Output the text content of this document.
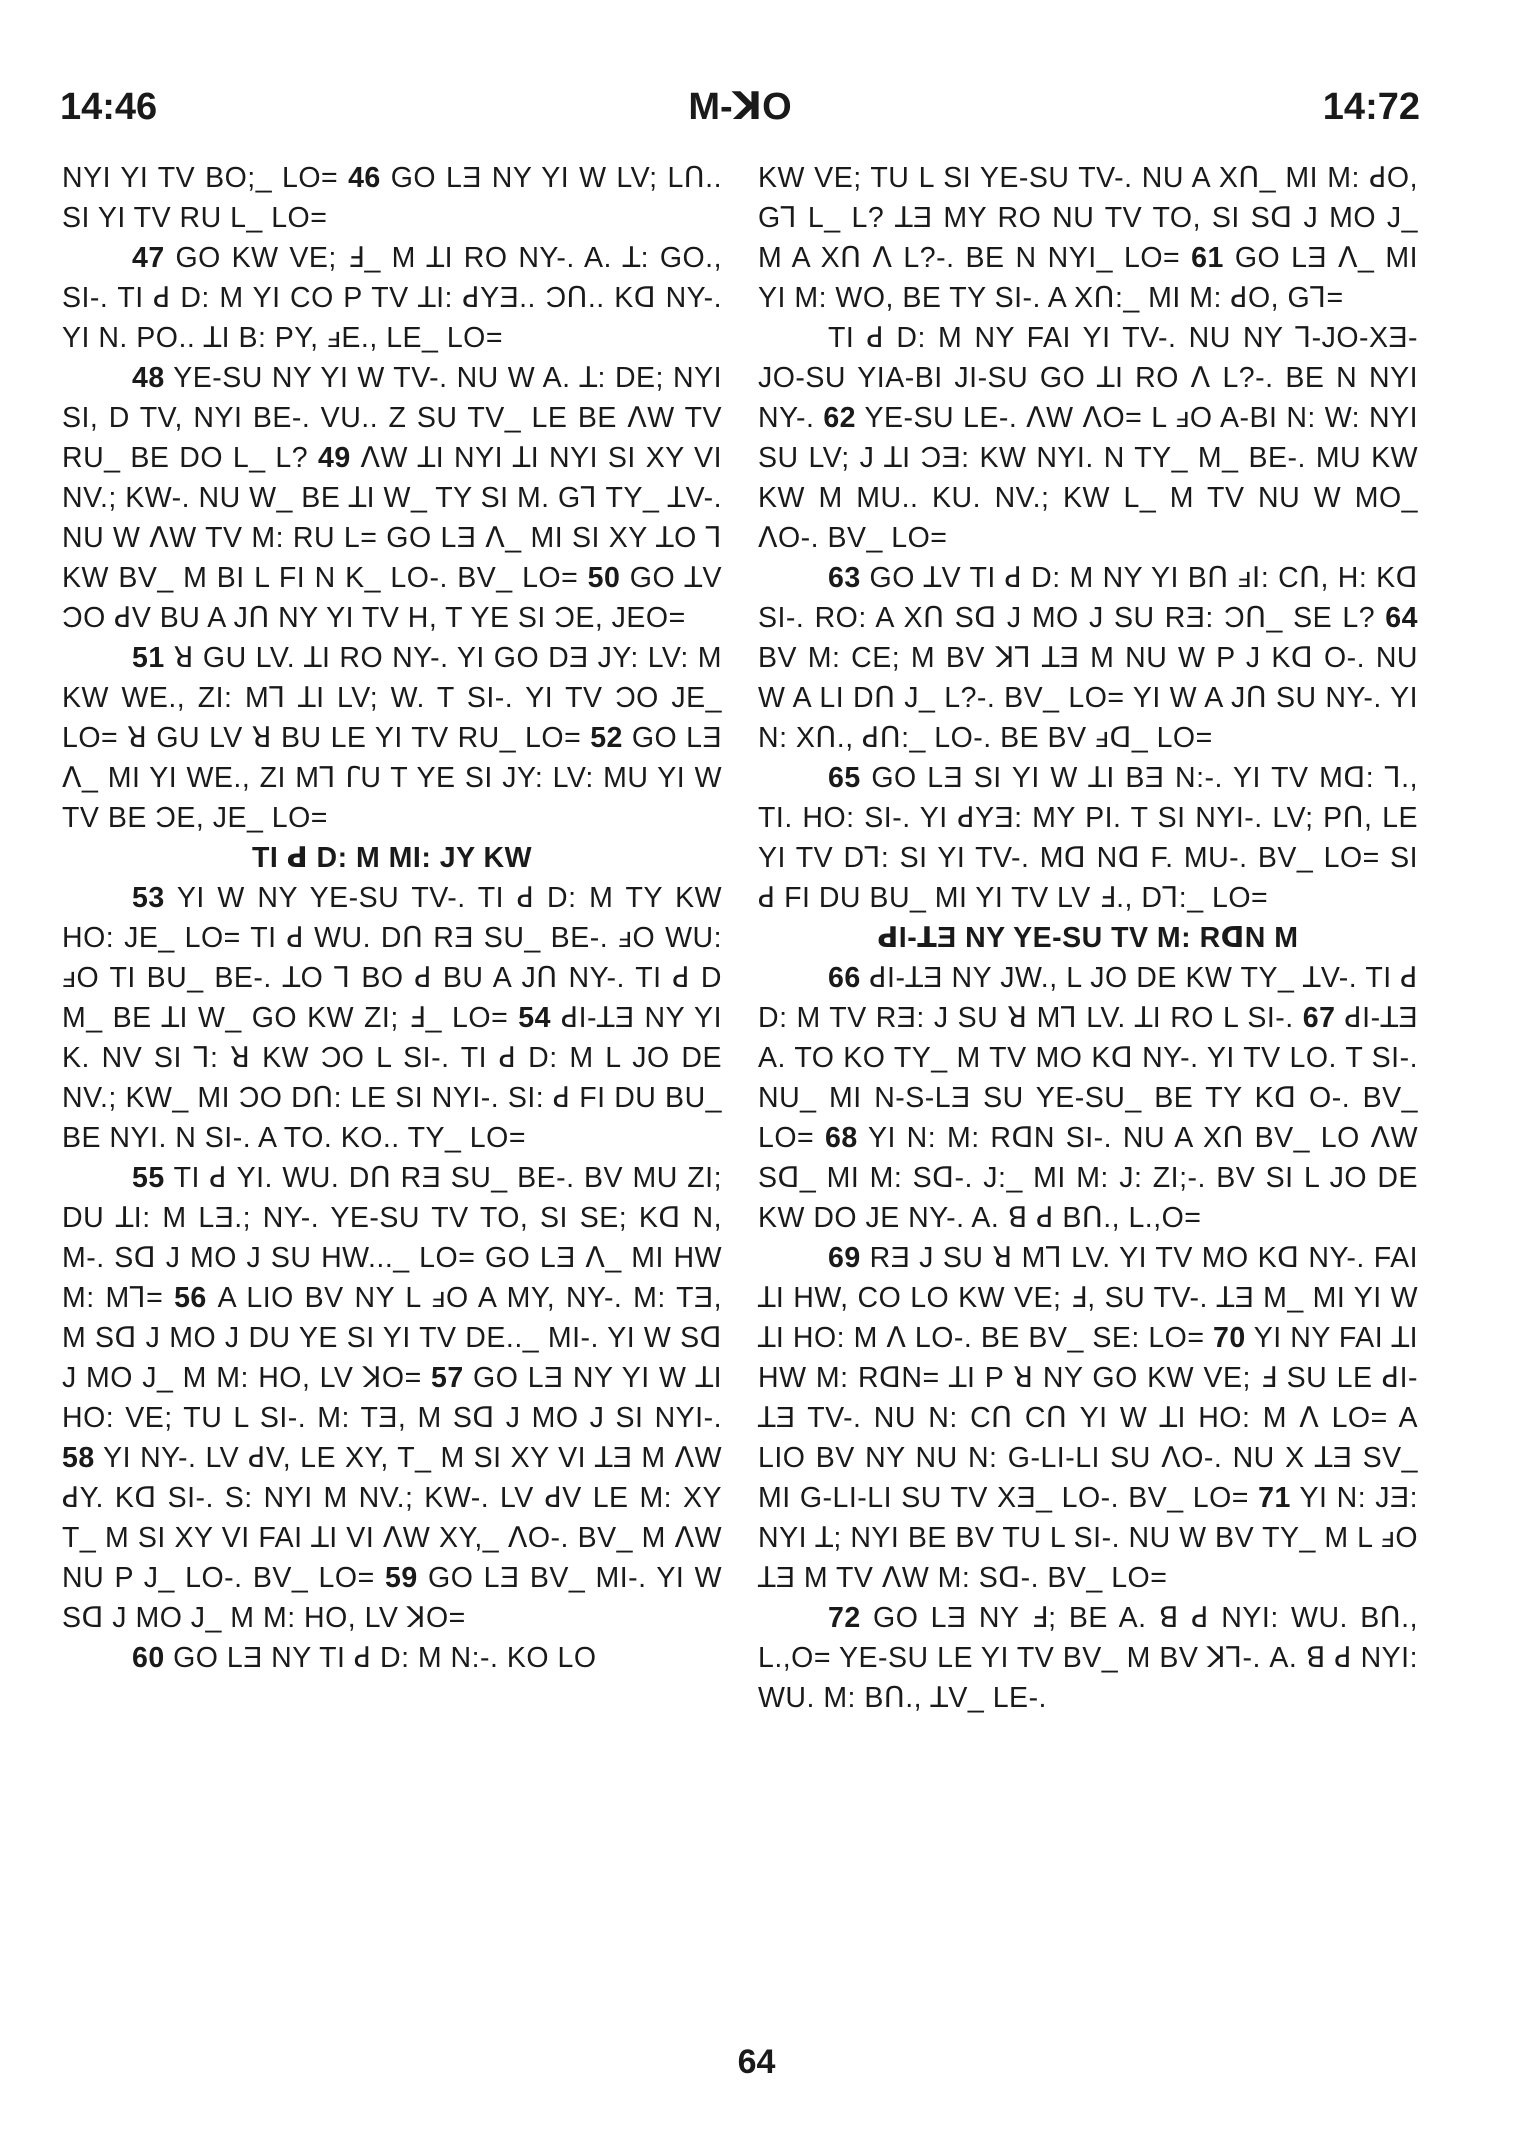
14:46	M-ꓘO	14:72

NYI YI TV BO;_ LO= 46 GO LƎ NY YI W LV; LՈ.. SI YI TV RU L_ LO=

47 GO KW VE; Ⅎ_ M ꓕI RO NY-. A. ꓕ: GO., SI-. TI ꓒ D: M YI CO P TV ꓕI: ꓒYƎ.. ƆՈ.. Kꓷ NY-. YI N. PO.. ꓕI B: PY, ⅎE., LE_ LO=

48 YE-SU NY YI W TV-. NU W A. ꓕ: DE; NYI SI, D TV, NYI BE-. VU.. Z SU TV_ LE BE ꓥW TV RU_ BE DO L_ L? 49 ꓥW ꓕI NYI ꓕI NYI SI XY VI NV.; KW-. NU W_ BE ꓕI W_ TY SI M. Gꓶ TY_ ꓕV-. NU W ꓥW TV M: RU L= GO LƎ ꓥ_ MI SI XY ꓕO ꓶ KW BV_ M BI L FI N K_ LO-. BV_ LO= 50 GO ꓕV ƆO ꓒV BU A JՈ NY YI TV H, T YE SI ƆE, JEO=

51 ꓤ GU LV. ꓕI RO NY-. YI GO DƎ JY: LV: M KW WE., ZI: Mꓶ ꓕI LV; W. T SI-. YI TV ƆO JE_ LO= ꓤ GU LV ꓤ BU LE YI TV RU_ LO= 52 GO LƎ ꓥ_ MI YI WE., ZI Mꓶ ꓩU T YE SI JY: LV: MU YI W TV BE ƆE, JE_ LO=

TI ꓒ D: M MI: JY KW

53 YI W NY YE-SU TV-. TI ꓒ D: M TY KW HO: JE_ LO= TI ꓒ WU. DՈ RƎ SU_ BE-. ⅎO WU: ⅎO TI BU_ BE-. ꓕO ꓶ BO ꓒ BU A JՈ NY-. TI ꓒ D M_ BE ꓕI W_ GO KW ZI; Ⅎ_ LO= 54 ꓒI-ꓕƎ NY YI K. NV SI ꓶ: ꓤ KW ƆO L SI-. TI ꓒ D: M L JO DE NV.; KW_ MI ƆO DՈ: LE SI NYI-. SI: ꓒ FI DU BU_ BE NYI. N SI-. A TO. KO.. TY_ LO=

55 TI ꓒ YI. WU. DՈ RƎ SU_ BE-. BV MU ZI; DU ꓕI: M LƎ.; NY-. YE-SU TV TO, SI SE; Kꓷ N, M-. Sꓷ J MO J SU HW..._ LO= GO LƎ ꓥ_ MI HW M: Mꓶ= 56 A LIO BV NY L ⅎO A MY, NY-. M: TƎ, M Sꓷ J MO J DU YE SI YI TV DE.._ MI-. YI W Sꓷ J MO J_ M M: HO, LV ꓘO= 57 GO LƎ NY YI W ꓕI HO: VE; TU L SI-. M: TƎ, M Sꓷ J MO J SI NYI-. 58 YI NY-. LV ꓒV, LE XY, T_ M SI XY VI ꓕƎ M ꓥW ꓒY. Kꓷ SI-. S: NYI M NV.; KW-. LV ꓒV LE M: XY T_ M SI XY VI FAI ꓕI VI ꓥW XY,_ ꓥO-. BV_ M ꓥW NU P J_ LO-. BV_ LO= 59 GO LƎ BV_ MI-. YI W Sꓷ J MO J_ M M: HO, LV ꓘO=

60 GO LƎ NY TI ꓒ D: M N:-. KO LO

KW VE; TU L SI YE-SU TV-. NU A XՈ_ MI M: ꓒO, Gꓶ L_ L? ꓕƎ MY RO NU TV TO, SI Sꓷ J MO J_ M A XՈ ꓥ L?-. BE N NYI_ LO= 61 GO LƎ ꓥ_ MI YI M: WO, BE TY SI-. A XՈ:_ MI M: ꓒO, Gꓶ=

TI ꓒ D: M NY FAI YI TV-. NU NY ꓶ-JO-XƎ-JO-SU YIA-BI JI-SU GO ꓕI RO ꓥ L?-. BE N NYI NY-. 62 YE-SU LE-. ꓥW ꓥO= L ⅎO A-BI N: W: NYI SU LV; J ꓕI ƆƎ: KW NYI. N TY_ M_ BE-. MU KW KW M MU.. KU. NV.; KW L_ M TV NU W MO_ ꓥO-. BV_ LO=

63 GO ꓕV TI ꓒ D: M NY YI BՈ ⅎꓲ: CՈ, H: Kꓷ SI-. RO: A XՈ Sꓷ J MO J SU RƎ: ƆՈ_ SE L? 64 BV M: CE; M BV ꓘꓶ ꓕƎ M NU W P J Kꓷ O-. NU W A LI DՈ J_ L?-. BV_ LO= YI W A JՈ SU NY-. YI N: XՈ., ꓒՈ:_ LO-. BE BV ⅎꓷ_ LO=

65 GO LƎ SI YI W ꓕI BƎ N:-. YI TV Mꓷ: ꓶ., TI. HO: SI-. YI ꓒYƎ: MY PI. T SI NYI-. LV; PՈ, LE YI TV Dꓶ: SI YI TV-. Mꓷ Nꓷ F. MU-. BV_ LO= SI ꓒ FI DU BU_ MI YI TV LV Ⅎ., Dꓶ:_ LO=

ꓒI-ꓕƎ NY YE-SU TV M: RꓷN M

66 ꓒI-ꓕƎ NY JW., L JO DE KW TY_ ꓕV-. TI ꓒ D: M TV RƎ: J SU ꓤ Mꓶ LV. ꓕI RO L SI-. 67 ꓒI-ꓕƎ A. TO KO TY_ M TV MO Kꓷ NY-. YI TV LO. T SI-. NU_ MI N-S-LƎ SU YE-SU_ BE TY Kꓷ O-. BV_ LO= 68 YI N: M: RꓷN SI-. NU A XՈ BV_ LO ꓥW Sꓷ_ MI M: Sꓷ-. J:_ MI M: J: ZI;-. BV SI L JO DE KW DO JE NY-. A. ꓭ ꓒ BՈ., L.,O=

69 RƎ J SU ꓤ Mꓶ LV. YI TV MO Kꓷ NY-. FAI ꓕI HW, CO LO KW VE; Ⅎ, SU TV-. ꓕƎ M_ MI YI W ꓕI HO: M ꓥ LO-. BE BV_ SE: LO= 70 YI NY FAI ꓕI HW M: RꓷN= ꓕI P ꓤ NY GO KW VE; Ⅎ SU LE ꓒI-ꓕƎ TV-. NU N: CՈ CՈ YI W ꓕI HO: M ꓥ LO= A LIO BV NY NU N: G-LI-LI SU ꓥO-. NU X ꓕƎ SV_ MI G-LI-LI SU TV XƎ_ LO-. BV_ LO= 71 YI N: JƎ: NYI ꓕ; NYI BE BV TU L SI-. NU W BV TY_ M L ⅎO ꓕƎ M TV ꓥW M: Sꓷ-. BV_ LO=

72 GO LƎ NY Ⅎ; BE A. ꓭ ꓒ NYI: WU. BՈ., L.,O= YE-SU LE YI TV BV_ M BV ꓘꓶ-. A. ꓭ ꓒ NYI: WU. M: BՈ., ꓕV_ LE-.

64
